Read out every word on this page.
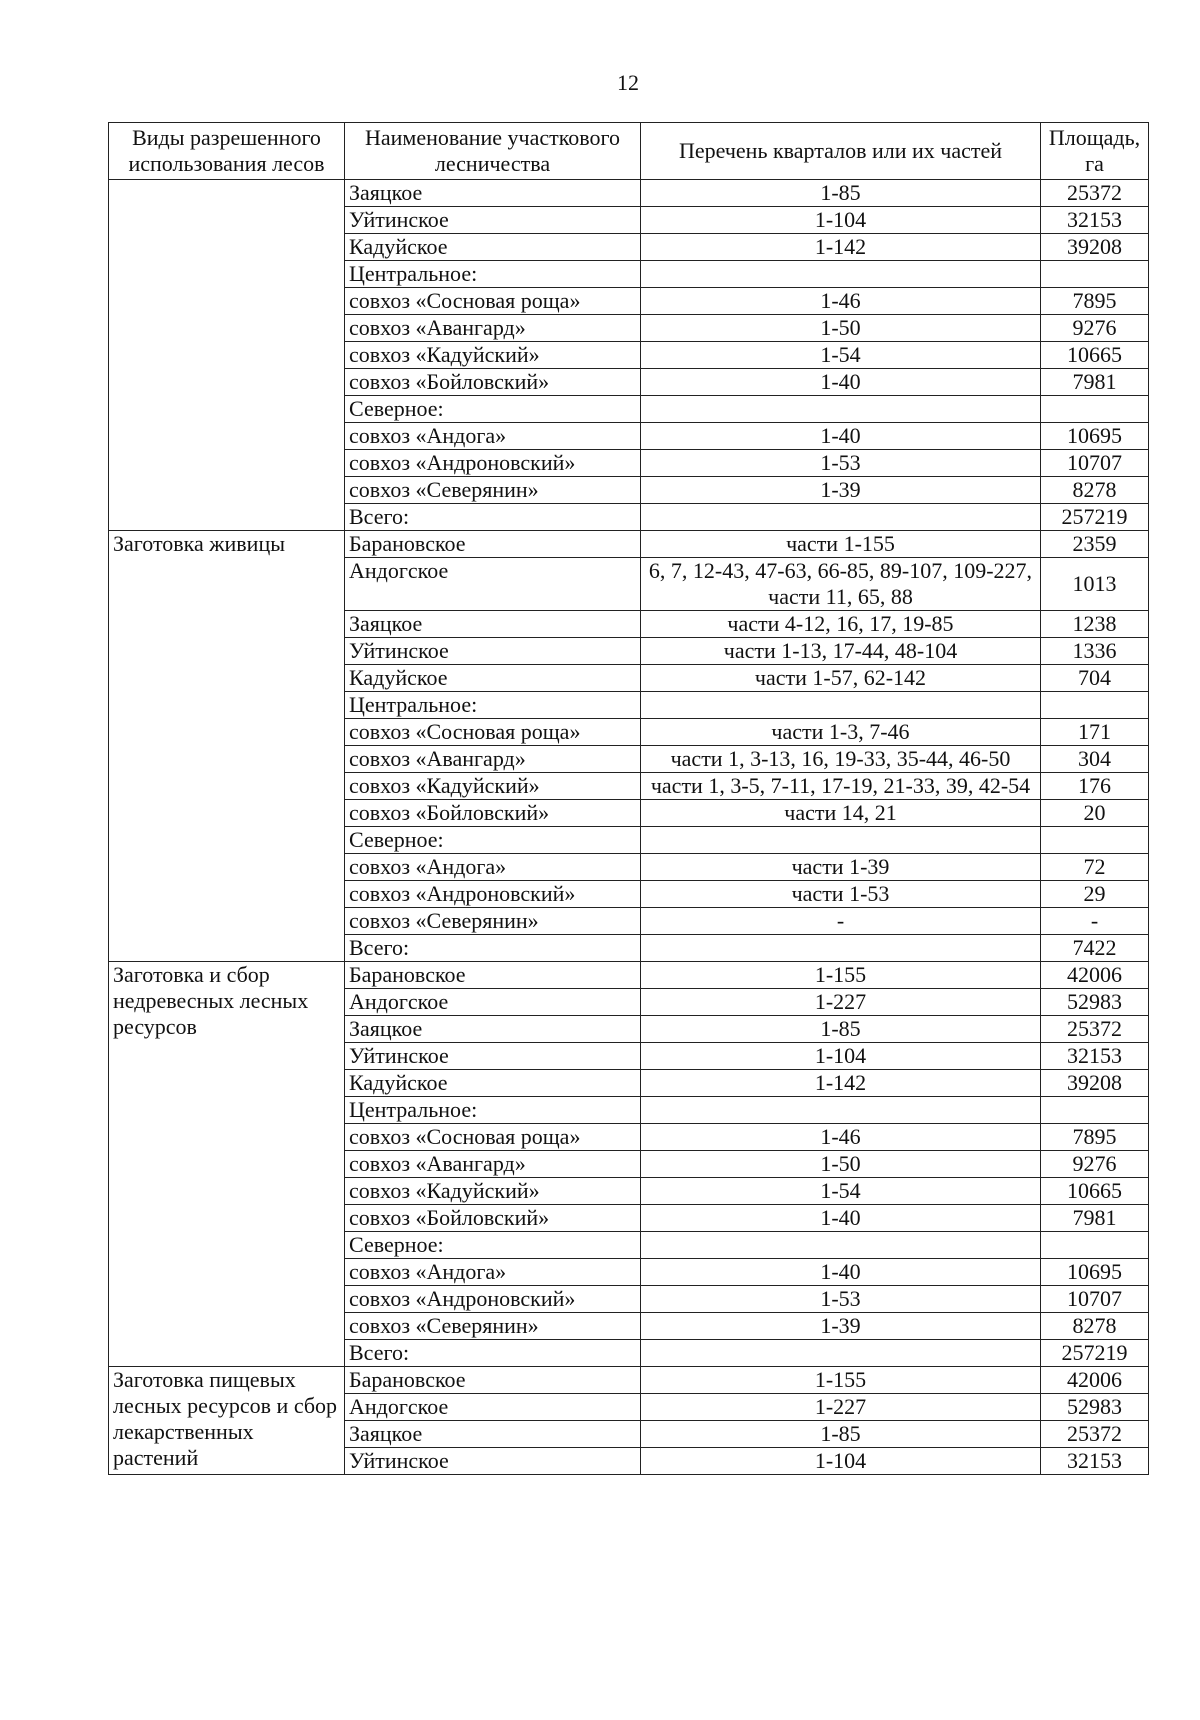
12
Виды разрешенного использования лесов	Наименование участкового лесничества	Перечень кварталов или их частей	Площадь, га
	Заяцкое	1-85	25372
	Уйтинское	1-104	32153
	Кадуйское	1-142	39208
	Центральное:		
	совхоз «Сосновая роща»	1-46	7895
	совхоз «Авангард»	1-50	9276
	совхоз «Кадуйский»	1-54	10665
	совхоз «Бойловский»	1-40	7981
	Северное:		
	совхоз «Андога»	1-40	10695
	совхоз «Андроновский»	1-53	10707
	совхоз «Северянин»	1-39	8278
	Всего:		257219
Заготовка живицы	Барановское	части 1-155	2359
	Андогское	6, 7, 12-43, 47-63, 66-85, 89-107, 109-227, части 11, 65, 88	1013
	Заяцкое	части 4-12, 16, 17, 19-85	1238
	Уйтинское	части 1-13, 17-44, 48-104	1336
	Кадуйское	части 1-57, 62-142	704
	Центральное:		
	совхоз «Сосновая роща»	части 1-3, 7-46	171
	совхоз «Авангард»	части 1, 3-13, 16, 19-33, 35-44, 46-50	304
	совхоз «Кадуйский»	части 1, 3-5, 7-11, 17-19, 21-33, 39, 42-54	176
	совхоз «Бойловский»	части 14, 21	20
	Северное:		
	совхоз «Андога»	части 1-39	72
	совхоз «Андроновский»	части 1-53	29
	совхоз «Северянин»	-	-
	Всего:		7422
Заготовка и сбор недревесных лесных ресурсов	Барановское	1-155	42006
	Андогское	1-227	52983
	Заяцкое	1-85	25372
	Уйтинское	1-104	32153
	Кадуйское	1-142	39208
	Центральное:		
	совхоз «Сосновая роща»	1-46	7895
	совхоз «Авангард»	1-50	9276
	совхоз «Кадуйский»	1-54	10665
	совхоз «Бойловский»	1-40	7981
	Северное:		
	совхоз «Андога»	1-40	10695
	совхоз «Андроновский»	1-53	10707
	совхоз «Северянин»	1-39	8278
	Всего:		257219
Заготовка пищевых лесных ресурсов и сбор лекарственных растений	Барановское	1-155	42006
	Андогское	1-227	52983
	Заяцкое	1-85	25372
	Уйтинское	1-104	32153
